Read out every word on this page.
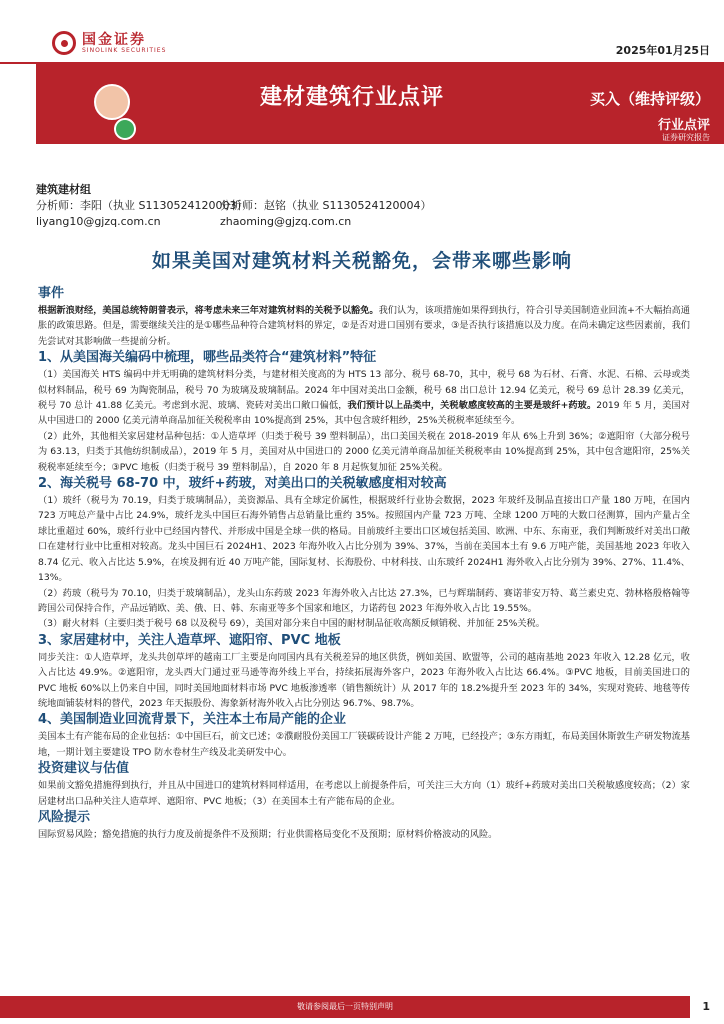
国金证券
SINOLINK SECURITIES	2025年01月25日
建材建筑行业点评	买入（维持评级）
行业点评
证券研究报告
建筑建材组
分析师：李阳（执业 S1130524120003）
liyang10@gjzq.com.cn
分析师：赵铭（执业 S1130524120004）
zhaoming@gjzq.com.cn
如果美国对建筑材料关税豁免，会带来哪些影响
事件

根据新浪财经，美国总统特朗普表示，将考虑未来三年对建筑材料的关税予以豁免。我们认为，该项措施如果得到执行，符合引导美国制造业回流+不大幅抬高通胀的政策思路。但是，需要继续关注的是①哪些品种符合建筑材料的界定，②是否对进口国别有要求，③是否执行该措施以及力度。在尚未确定这些因素前，我们先尝试对其影响做一些提前分析。

1、从美国海关编码中梳理，哪些品类符合“建筑材料”特征

（1）美国海关 HTS 编码中并无明确的建筑材料分类，与建材相关度高的为 HTS 13 部分、税号 68-70，其中，税号 68 为石材、石膏、水泥、石棉、云母或类似材料制品，税号 69 为陶瓷制品，税号 70 为玻璃及玻璃制品。2024 年中国对美出口金额，税号 68 出口总计 12.94 亿美元，税号 69 总计 28.39 亿美元，税号 70 总计 41.88 亿美元。考虑到水泥、玻璃、瓷砖对美出口敞口偏低，我们预计以上品类中，关税敏感度较高的主要是玻纤+药玻。2019 年 5 月，美国对从中国进口的 2000 亿美元清单商品加征关税税率由 10%提高到 25%，其中包含玻纤粗纱，25%关税税率延续至今。

（2）此外，其他相关家居建材品种包括：①人造草坪（归类于税号 39 塑料制品），出口美国关税在 2018-2019 年从 6%上升到 36%；②遮阳帘（大部分税号为 63.13，归类于其他纺织制成品），2019 年 5 月，美国对从中国进口的 2000 亿美元清单商品加征关税税率由 10%提高到 25%，其中包含遮阳帘，25%关税税率延续至今；③PVC 地板（归类于税号 39 塑料制品），自 2020 年 8 月起恢复加征 25%关税。

2、海关税号 68-70 中，玻纤+药玻，对美出口的关税敏感度相对较高

（1）玻纤（税号为 70.19，归类于玻璃制品），美资源品、具有全球定价属性，根据玻纤行业协会数据，2023 年玻纤及制品直接出口产量 180 万吨，在国内 723 万吨总产量中占比 24.9%，玻纤龙头中国巨石海外销售占总销量比重约 35%。按照国内产量 723 万吨、全球 1200 万吨的大数口径测算，国内产量占全球比重超过 60%，玻纤行业中已经国内替代、并形成中国是全球一供的格局。目前玻纤主要出口区域包括美国、欧洲、中东、东南亚，我们判断玻纤对美出口敞口在建材行业中比重相对较高。龙头中国巨石 2024H1、2023 年海外收入占比分别为 39%、37%，当前在美国本土有 9.6 万吨产能，美国基地 2023 年收入 8.74 亿元、收入占比达 5.9%，在埃及拥有近 40 万吨产能，国际复材、长海股份、中材科技、山东玻纤 2024H1 海外收入占比分别为 39%、27%、11.4%、13%。

（2）药玻（税号为 70.10，归类于玻璃制品），龙头山东药玻 2023 年海外收入占比达 27.3%，已与辉瑞制药、赛诺菲安万特、葛兰素史克、勃林格殷格翰等跨国公司保持合作，产品远销欧、美、俄、日、韩、东南亚等多个国家和地区，力诺药包 2023 年海外收入占比 19.55%。

（3）耐火材料（主要归类于税号 68 以及税号 69），美国对部分来自中国的耐材制品征收高额反倾销税、并加征 25%关税。

3、家居建材中，关注人造草坪、遮阳帘、PVC 地板

同步关注：①人造草坪，龙头共创草坪的越南工厂主要是向同国内具有关税差异的地区供货，例如美国、欧盟等，公司的越南基地 2023 年收入 12.28 亿元，收入占比达 49.9%。②遮阳帘，龙头西大门通过亚马逊等海外线上平台，持续拓展海外客户，2023 年海外收入占比达 66.4%。③PVC 地板，目前美国进口的 PVC 地板 60%以上仍来自中国，同时美国地面材料市场 PVC 地板渗透率（销售额统计）从 2017 年的 18.2%提升至 2023 年的 34%，实现对瓷砖、地毯等传统地面铺装材料的替代，2023 年天振股份、海象新材海外收入占比分别达 96.7%、98.7%。

4、美国制造业回流背景下，关注本土布局产能的企业

美国本土有产能布局的企业包括：①中国巨石，前文已述；②濮耐股份美国工厂镁碳砖设计产能 2 万吨，已经投产；③东方雨虹，布局美国休斯敦生产研发物流基地，一期计划主要建设 TPO 防水卷材生产线及北美研发中心。

投资建议与估值

如果前文豁免措施得到执行，并且从中国进口的建筑材料同样适用，在考虑以上前提条件后，可关注三大方向（1）玻纤+药玻对美出口关税敏感度较高；（2）家居建材出口品种关注人造草坪、遮阳帘、PVC 地板；（3）在美国本土有产能布局的企业。

风险提示

国际贸易风险；豁免措施的执行力度及前提条件不及预期；行业供需格局变化不及预期；原材料价格波动的风险。

敬请参阅最后一页特别声明	1
